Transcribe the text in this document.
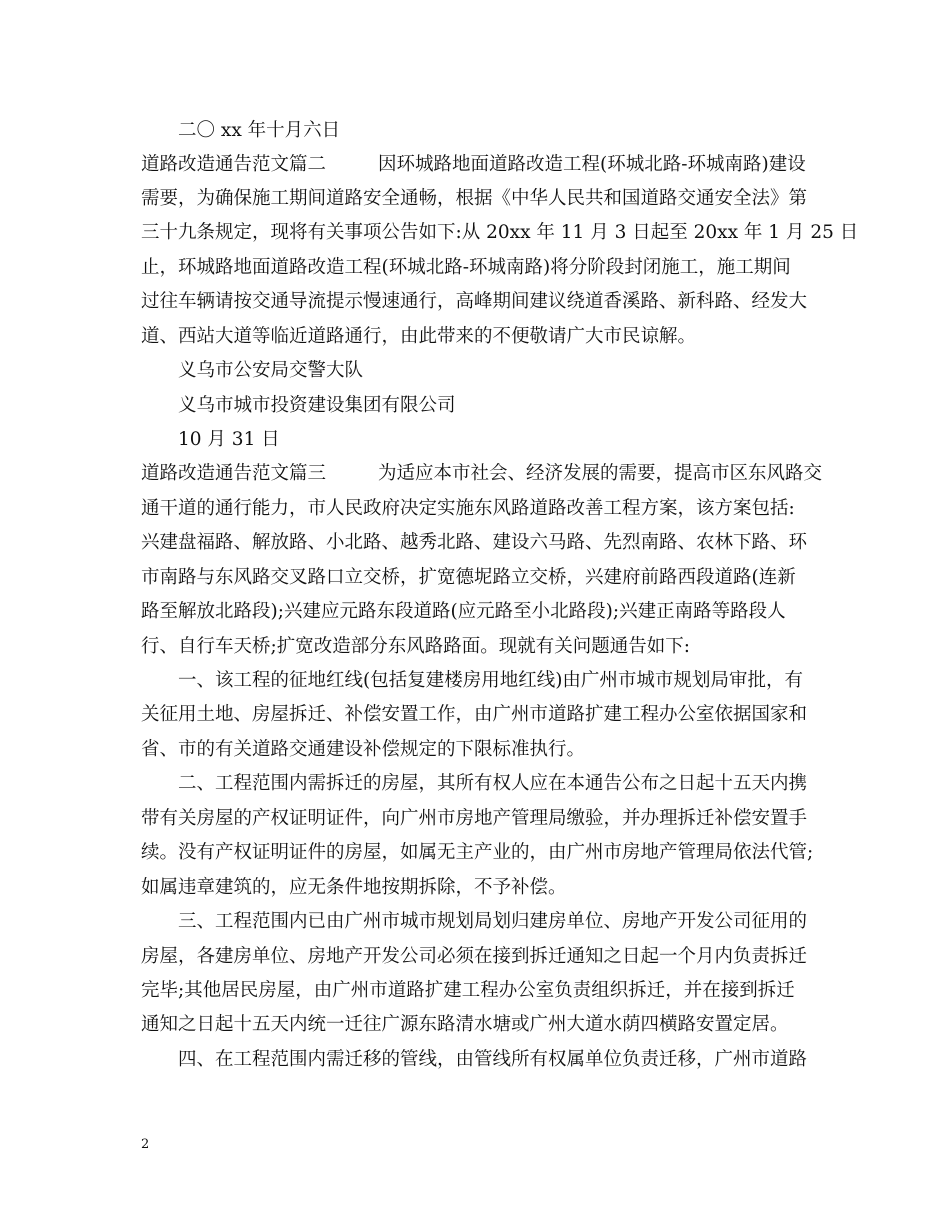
二〇 xx 年十月六日
道路改造通告范文篇二	因环城路地面道路改造工程(环城北路-环城南路)建设
需要，为确保施工期间道路安全通畅，根据《中华人民共和国道路交通安全法》第
三十九条规定，现将有关事项公告如下:从 20xx 年 11 月 3 日起至 20xx 年 1 月 25 日
止，环城路地面道路改造工程(环城北路-环城南路)将分阶段封闭施工，施工期间
过往车辆请按交通导流提示慢速通行，高峰期间建议绕道香溪路、新科路、经发大
道、西站大道等临近道路通行，由此带来的不便敬请广大市民谅解。
义乌市公安局交警大队
义乌市城市投资建设集团有限公司
10 月 31 日
道路改造通告范文篇三	为适应本市社会、经济发展的需要，提高市区东风路交
通干道的通行能力，市人民政府决定实施东风路道路改善工程方案，该方案包括:
兴建盘福路、解放路、小北路、越秀北路、建设六马路、先烈南路、农林下路、环
市南路与东风路交叉路口立交桥，扩宽德坭路立交桥，兴建府前路西段道路(连新
路至解放北路段);兴建应元路东段道路(应元路至小北路段);兴建正南路等路段人
行、自行车天桥;扩宽改造部分东风路路面。现就有关问题通告如下:
一、该工程的征地红线(包括复建楼房用地红线)由广州市城市规划局审批，有
关征用土地、房屋拆迁、补偿安置工作，由广州市道路扩建工程办公室依据国家和
省、市的有关道路交通建设补偿规定的下限标准执行。
二、工程范围内需拆迁的房屋，其所有权人应在本通告公布之日起十五天内携
带有关房屋的产权证明证件，向广州市房地产管理局缴验，并办理拆迁补偿安置手
续。没有产权证明证件的房屋，如属无主产业的，由广州市房地产管理局依法代管;
如属违章建筑的，应无条件地按期拆除，不予补偿。
三、工程范围内已由广州市城市规划局划归建房单位、房地产开发公司征用的
房屋，各建房单位、房地产开发公司必须在接到拆迁通知之日起一个月内负责拆迁
完毕;其他居民房屋，由广州市道路扩建工程办公室负责组织拆迁，并在接到拆迁
通知之日起十五天内统一迁往广源东路清水塘或广州大道水荫四横路安置定居。
四、在工程范围内需迁移的管线，由管线所有权属单位负责迁移，广州市道路
2
